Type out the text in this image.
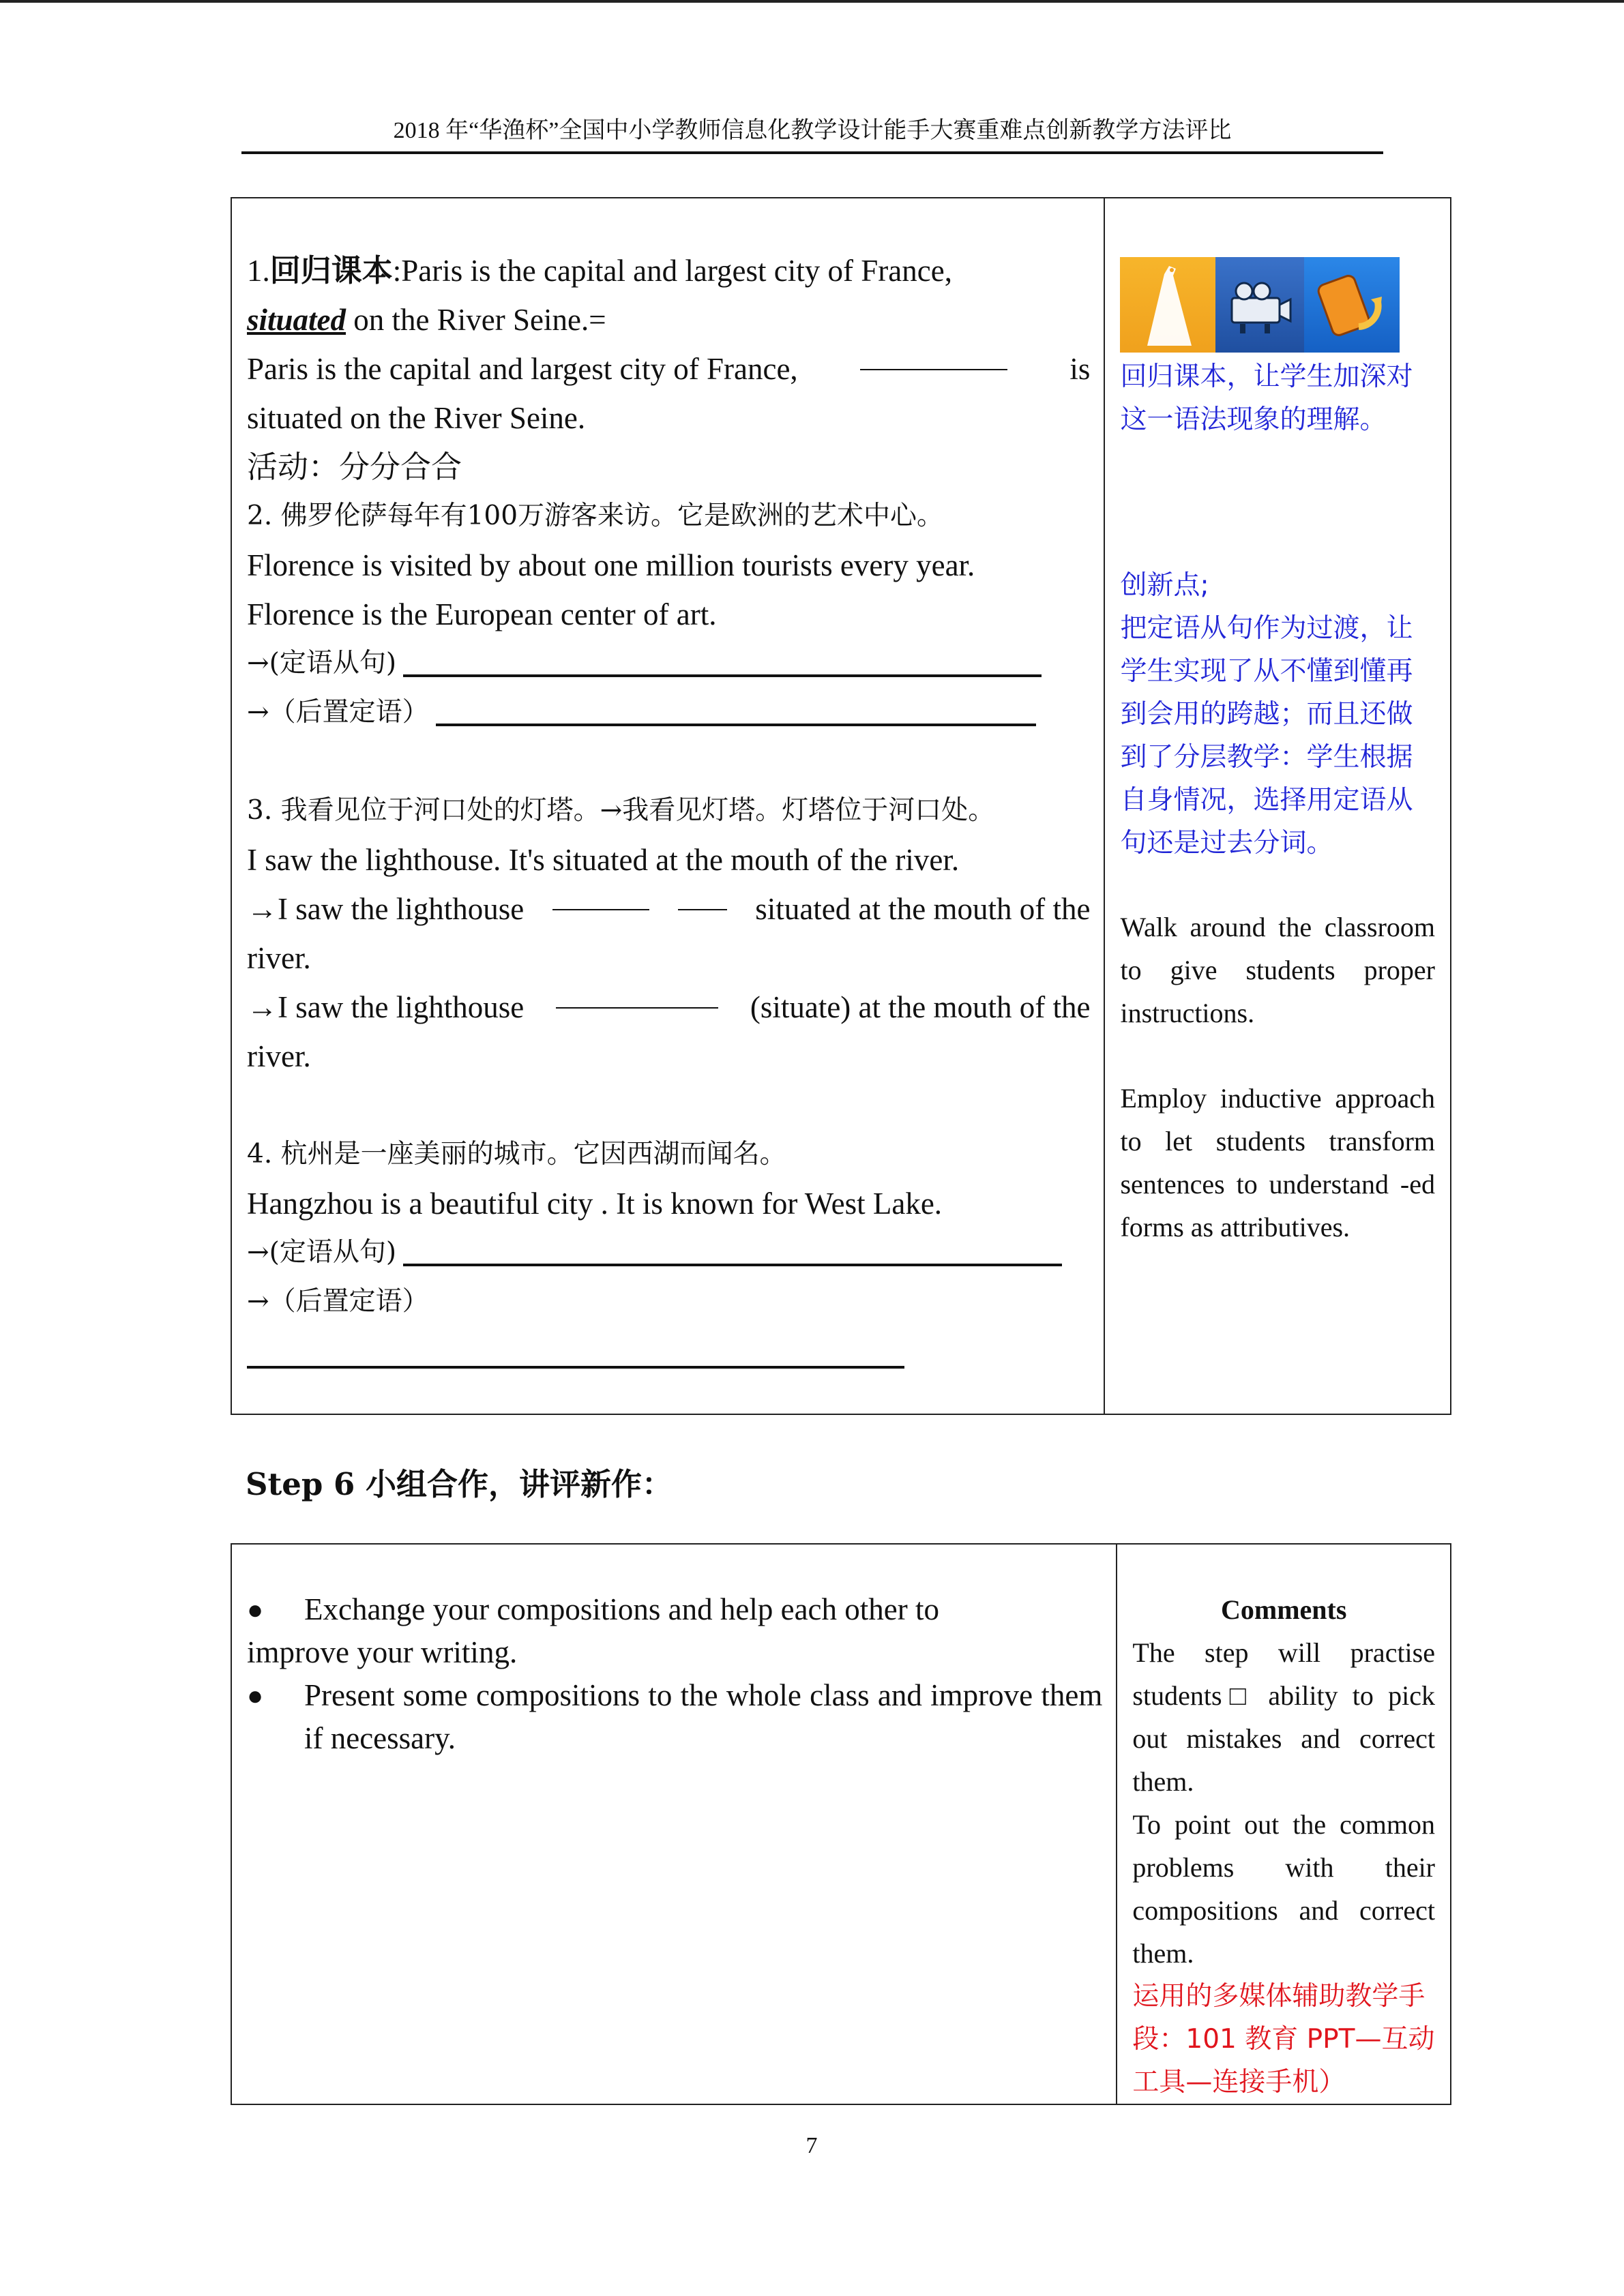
2018 年“华渔杯”全国中小学教师信息化教学设计能手大赛重难点创新教学方法评比
1.回归课本:Paris is the capital and largest city of France,
situated on the River Seine.=
Paris is the capital and largest city of France,	is
situated on the River Seine.
活动：分分合合
2. 佛罗伦萨每年有100万游客来访。它是欧洲的艺术中心。
Florence is visited by about one million tourists every year.
Florence is the European center of art.
→(定语从句)
→（后置定语）
3. 我看见位于河口处的灯塔。→我看见灯塔。灯塔位于河口处。
I saw the lighthouse. It's situated at the mouth of the river.
→I saw the lighthouse	situated at the mouth of the
river.
→I saw the lighthouse	(situate) at the mouth of the
river.
4. 杭州是一座美丽的城市。它因西湖而闻名。
Hangzhou is a beautiful city . It is known for West Lake.
→(定语从句)
→（后置定语）

回归课本，让学生加深对这一语法现象的理解。
创新点;
把定语从句作为过渡，让学生实现了从不懂到懂再到会用的跨越；而且还做到了分层教学：学生根据自身情况，选择用定语从句还是过去分词。
Walk around the classroom to give students proper instructions.
Employ inductive approach to let students transform sentences to understand -ed forms as attributives.
Step 6 小组合作，讲评新作：
●	Exchange your compositions and help each other to
improve your writing.
●	Present some compositions to the whole class and improve them if necessary.

Comments
The step will practise students□ ability to pick out mistakes and correct them.
To point out the common problems with their compositions and correct them.
运用的多媒体辅助教学手段：101 教育 PPT—互动工具—连接手机）
7
